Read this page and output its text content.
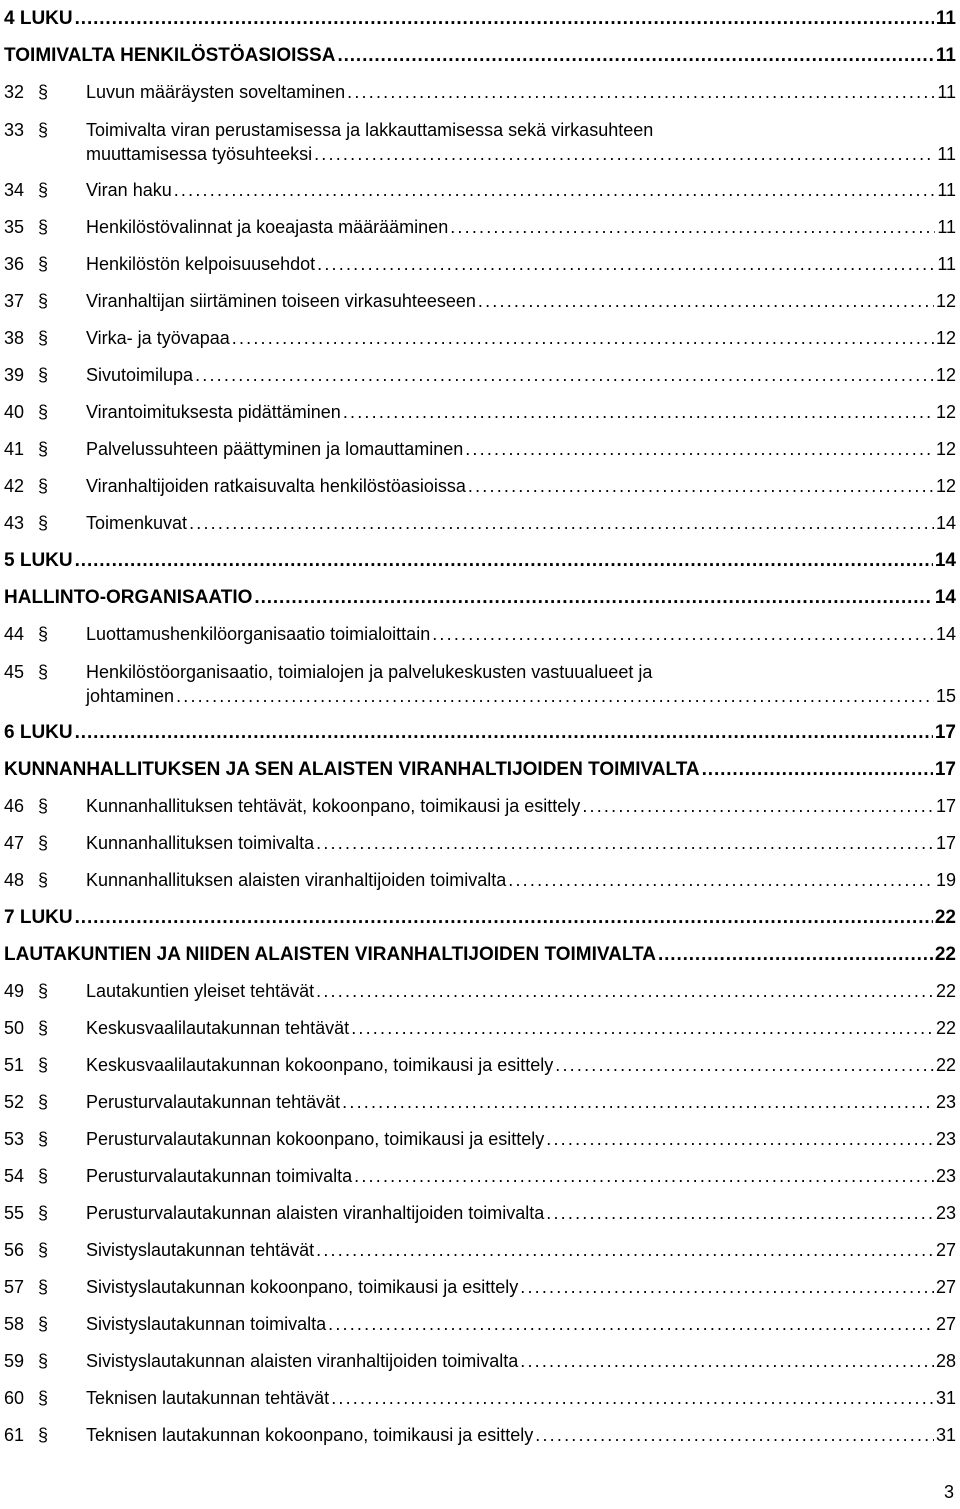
4 LUKU . . .	11
TOIMIVALTA HENKILÖSTÖASIOISSA . . .	11
32 §	Luvun määräysten soveltaminen . . .	11
33 §	Toimivalta viran perustamisessa ja lakkauttamisessa sekä virkasuhteen
muuttamisessa työsuhteeksi . . .	11
34 §	Viran haku . . .	11
35 §	Henkilöstövalinnat ja koeajasta määrääminen . . .	11
36 §	Henkilöstön kelpoisuusehdot . . .	11
37 §	Viranhaltijan siirtäminen toiseen virkasuhteeseen . . .	12
38 §	Virka- ja työvapaa . . .	12
39 §	Sivutoimilupa . . .	12
40 §	Virantoimituksesta pidättäminen . . .	12
41 §	Palvelussuhteen päättyminen ja lomauttaminen . . .	12
42 §	Viranhaltijoiden ratkaisuvalta henkilöstöasioissa . . .	12
43 §	Toimenkuvat . . .	14
5 LUKU . . .	14
HALLINTO-ORGANISAATIO . . .	14
44 §	Luottamushenkilöorganisaatio toimialoittain . . .	14
45 §	Henkilöstöorganisaatio, toimialojen ja palvelukeskusten vastuualueet ja
johtaminen . . .	15
6 LUKU . . .	17
KUNNANHALLITUKSEN JA SEN ALAISTEN VIRANHALTIJOIDEN TOIMIVALTA . . .	17
46 §	Kunnanhallituksen tehtävät, kokoonpano, toimikausi ja esittely . . .	17
47 §	Kunnanhallituksen toimivalta . . .	17
48 §	Kunnanhallituksen alaisten viranhaltijoiden toimivalta . . .	19
7 LUKU . . .	22
LAUTAKUNTIEN JA NIIDEN ALAISTEN VIRANHALTIJOIDEN TOIMIVALTA . . .	22
49 §	Lautakuntien yleiset tehtävät . . .	22
50 §	Keskusvaalilautakunnan tehtävät . . .	22
51 §	Keskusvaalilautakunnan kokoonpano, toimikausi ja esittely . . .	22
52 §	Perusturvalautakunnan tehtävät . . .	23
53 §	Perusturvalautakunnan kokoonpano, toimikausi ja esittely . . .	23
54 §	Perusturvalautakunnan toimivalta . . .	23
55 §	Perusturvalautakunnan alaisten viranhaltijoiden toimivalta . . .	23
56 §	Sivistyslautakunnan tehtävät . . .	27
57 §	Sivistyslautakunnan kokoonpano, toimikausi ja esittely . . .	27
58 §	Sivistyslautakunnan toimivalta . . .	27
59 §	Sivistyslautakunnan alaisten viranhaltijoiden toimivalta . . .	28
60 §	Teknisen lautakunnan tehtävät . . .	31
61 §	Teknisen lautakunnan kokoonpano, toimikausi ja esittely . . .	31
3
